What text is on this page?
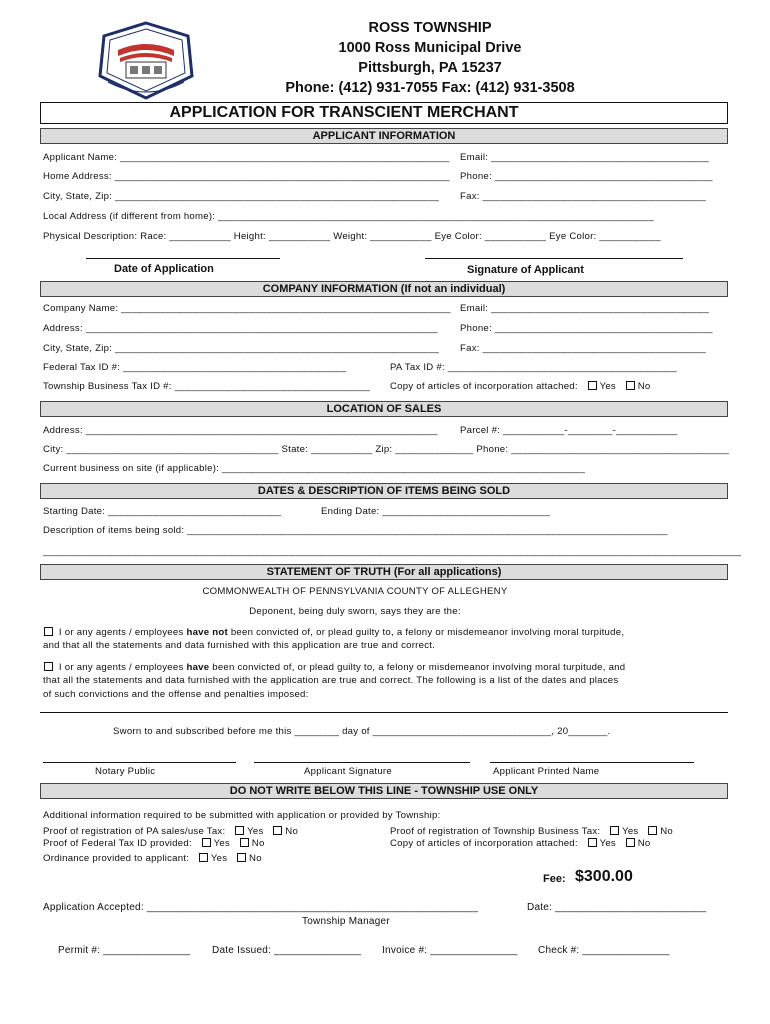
ROSS TOWNSHIP
1000 Ross Municipal Drive
Pittsburgh, PA 15237
Phone: (412) 931-7055 Fax: (412) 931-3508
APPLICATION FOR TRANSCIENT MERCHANT
APPLICANT INFORMATION
Applicant Name: ___________________________________________________________ Email: _______________________________________
Home Address: ____________________________________________________________ Phone: _______________________________________
City, State, Zip: __________________________________________________________ Fax: ________________________________________
Local Address (if different from home): ______________________________________________________________________________
Physical Description: Race: ___________ Height: ___________ Weight: ___________ Eye Color: ___________ Eye Color: ___________
Date of Application	Signature of Applicant
COMPANY INFORMATION (If not an individual)
Company Name: ___________________________________________________________ Email: _______________________________________
Address: _______________________________________________________________ Phone: _______________________________________
City, State, Zip: __________________________________________________________ Fax: ________________________________________
Federal Tax ID #: ________________________________________	PA Tax ID #: _________________________________________
Township Business Tax ID #: ___________________________________ Copy of articles of incorporation attached: Yes No
LOCATION OF SALES
Address: _______________________________________________________________ Parcel #: ___________-________-___________
City: ______________________________________ State: ___________ Zip: ______________ Phone: _______________________________________
Current business on site (if applicable): _________________________________________________________________
DATES & DESCRIPTION OF ITEMS BEING SOLD
Starting Date: _______________________________	Ending Date: ______________________________
Description of items being sold: ______________________________________________________________________________________
_____________________________________________________________________________________________________________________________
STATEMENT OF TRUTH (For all applications)
COMMONWEALTH OF PENNSYLVANIA COUNTY OF ALLEGHENY
Deponent, being duly sworn, says they are the:
I or any agents / employees have not been convicted of, or plead guilty to, a felony or misdemeanor involving moral turpitude,
and that all the statements and data furnished with this application are true and correct.
I or any agents / employees have been convicted of, or plead guilty to, a felony or misdemeanor involving moral turpitude, and
that all the statements and data furnished with the application are true and correct. The following is a list of the dates and places
of such convictions and the offense and penalties imposed:
Sworn to and subscribed before me this ________ day of ________________________________, 20_______.
Notary Public	Applicant Signature	Applicant Printed Name
DO NOT WRITE BELOW THIS LINE - TOWNSHIP USE ONLY
Additional information required to be submitted with application or provided by Township:
Proof of registration of PA sales/use Tax: Yes No
Proof of Federal Tax ID provided: Yes No
Ordinance provided to applicant: Yes No
Proof of registration of Township Business Tax: Yes No
Copy of articles of incorporation attached: Yes No
Fee: $300.00
Application Accepted: _________________________________________________________	Date: __________________________
Township Manager
Permit #: _______________ Date Issued: _______________ Invoice #: _______________ Check #: _______________
